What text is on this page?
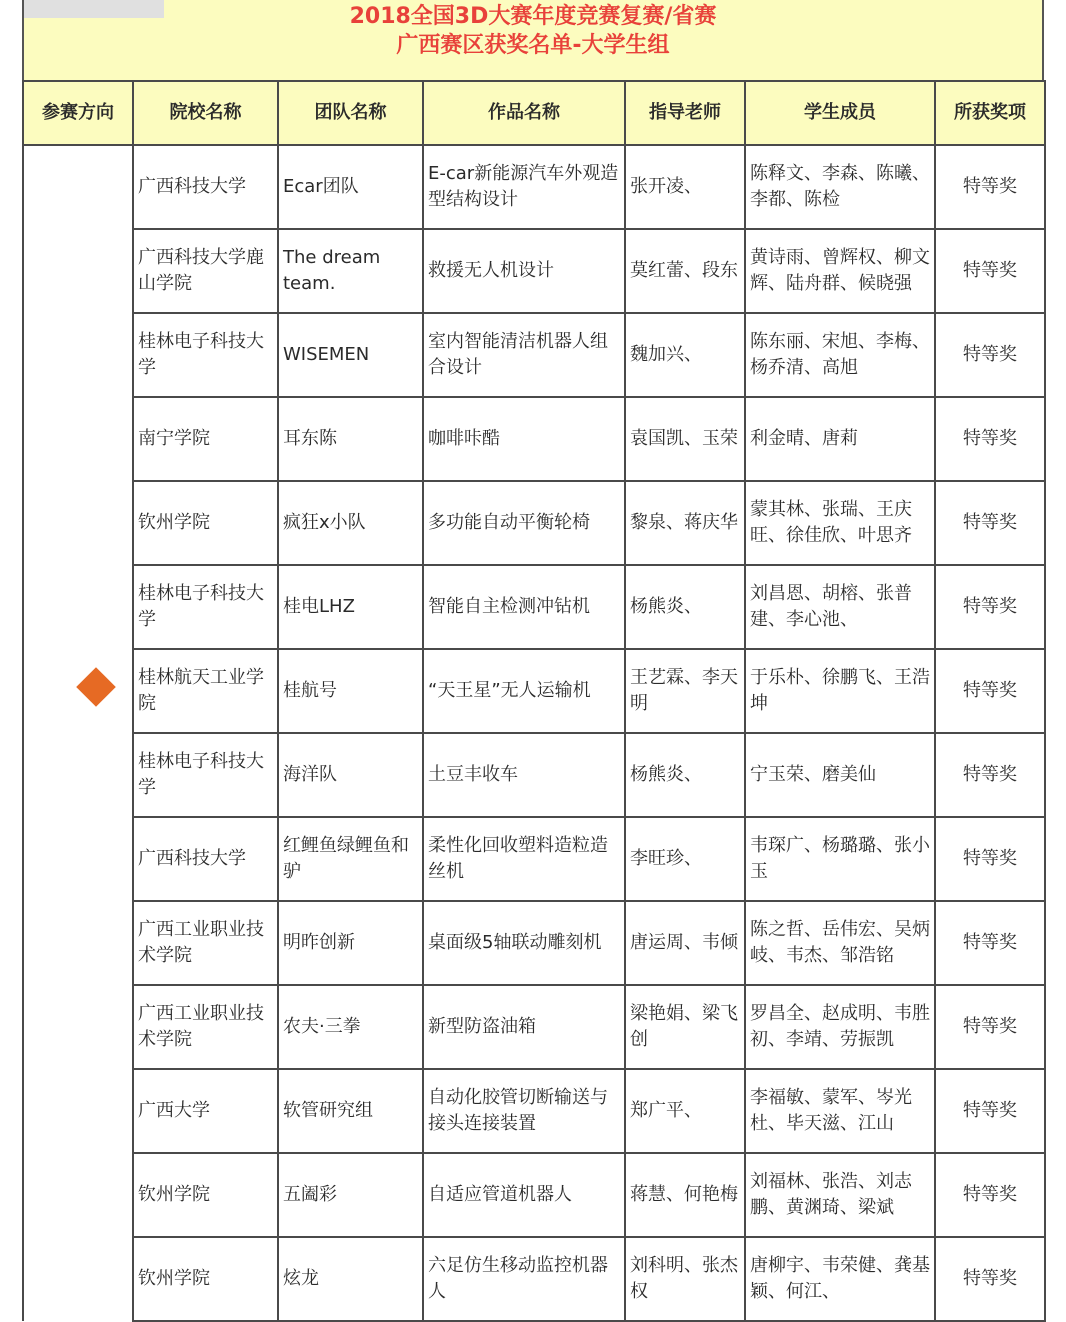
2018全国3D大赛年度竞赛复赛/省赛
广西赛区获奖名单-大学生组
参赛方向	院校名称	团队名称	作品名称	指导老师	学生成员	所获奖项
	广西科技大学	Ecar团队	E-car新能源汽车外观造型结构设计	张开凌、	陈释文、李森、陈曦、李都、陈检	特等奖
	广西科技大学鹿山学院	The dream team.	救援无人机设计	莫红蕾、段东	黄诗雨、曾辉权、柳文辉、陆舟群、候晓强	特等奖
	桂林电子科技大学	WISEMEN	室内智能清洁机器人组合设计	魏加兴、	陈东丽、宋旭、李梅、杨乔清、高旭	特等奖
	南宁学院	耳东陈	咖啡咔酷	袁国凯、玉荣	利金晴、唐莉	特等奖
	钦州学院	疯狂x小队	多功能自动平衡轮椅	黎泉、蒋庆华	蒙其林、张瑞、王庆旺、徐佳欣、叶思齐	特等奖
	桂林电子科技大学	桂电LHZ	智能自主检测冲钻机	杨熊炎、	刘昌恩、胡榕、张普建、李心池、	特等奖
	桂林航天工业学院	桂航号	“天王星”无人运输机	王艺霖、李天明	于乐朴、徐鹏飞、王浩坤	特等奖
	桂林电子科技大学	海洋队	土豆丰收车	杨熊炎、	宁玉荣、磨美仙	特等奖
	广西科技大学	红鲤鱼绿鲤鱼和驴	柔性化回收塑料造粒造丝机	李旺珍、	韦琛广、杨璐璐、张小玉	特等奖
	广西工业职业技术学院	明昨创新	桌面级5轴联动雕刻机	唐运周、韦倾	陈之哲、岳伟宏、吴炳岐、韦杰、邹浩铭	特等奖
	广西工业职业技术学院	农夫·三拳	新型防盗油箱	梁艳娟、梁飞创	罗昌全、赵成明、韦胜初、李靖、劳振凯	特等奖
	广西大学	软管研究组	自动化胶管切断输送与接头连接装置	郑广平、	李福敏、蒙军、岑光杜、毕天滋、江山	特等奖
	钦州学院	五阖彩	自适应管道机器人	蒋慧、何艳梅	刘福林、张浩、刘志鹏、黄渊琦、梁斌	特等奖
	钦州学院	炫龙	六足仿生移动监控机器人	刘科明、张杰权	唐柳宇、韦荣健、龚基颖、何江、	特等奖
